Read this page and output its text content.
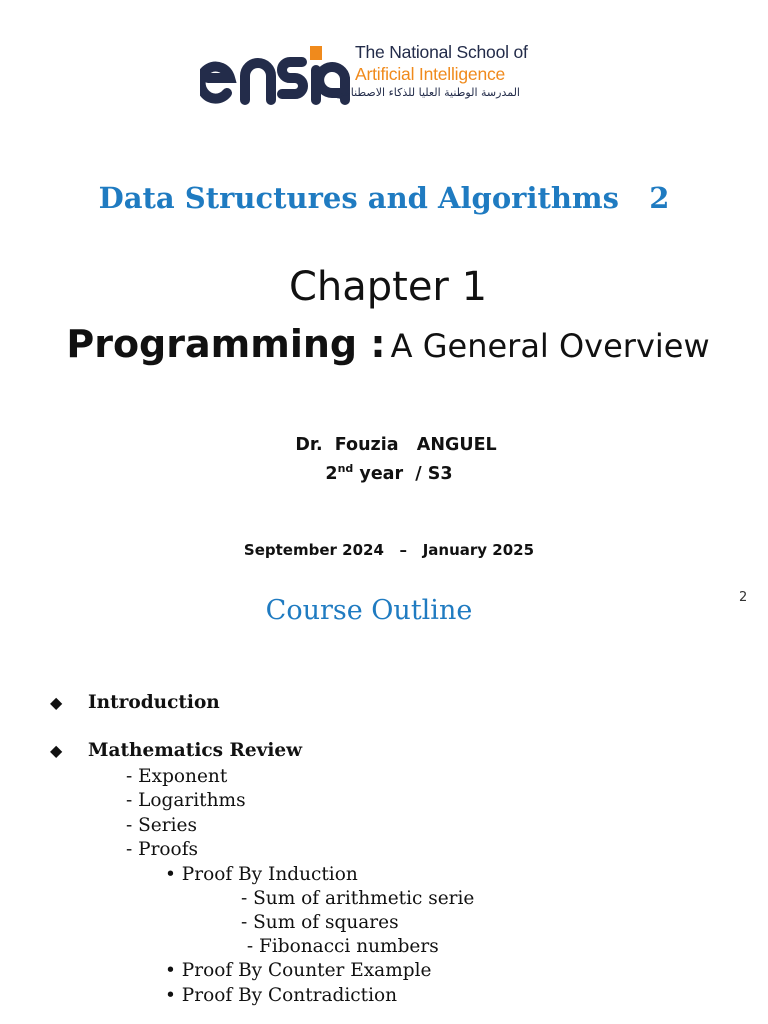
The National School of
Artificial Intelligence
المدرسة الوطنية العليا للذكاء الاصطناعي
Data Structures and Algorithms   2
Chapter 1
Programming : A General Overview
Dr.  Fouzia   ANGUEL
2nd year  / S3
September 2024   –   January 2025
2
Course Outline
◆ Introduction
◆ Mathematics Review
- Exponent
- Logarithms
- Series
- Proofs
• Proof By Induction
- Sum of arithmetic serie
- Sum of squares
- Fibonacci numbers
• Proof By Counter Example
• Proof By Contradiction
